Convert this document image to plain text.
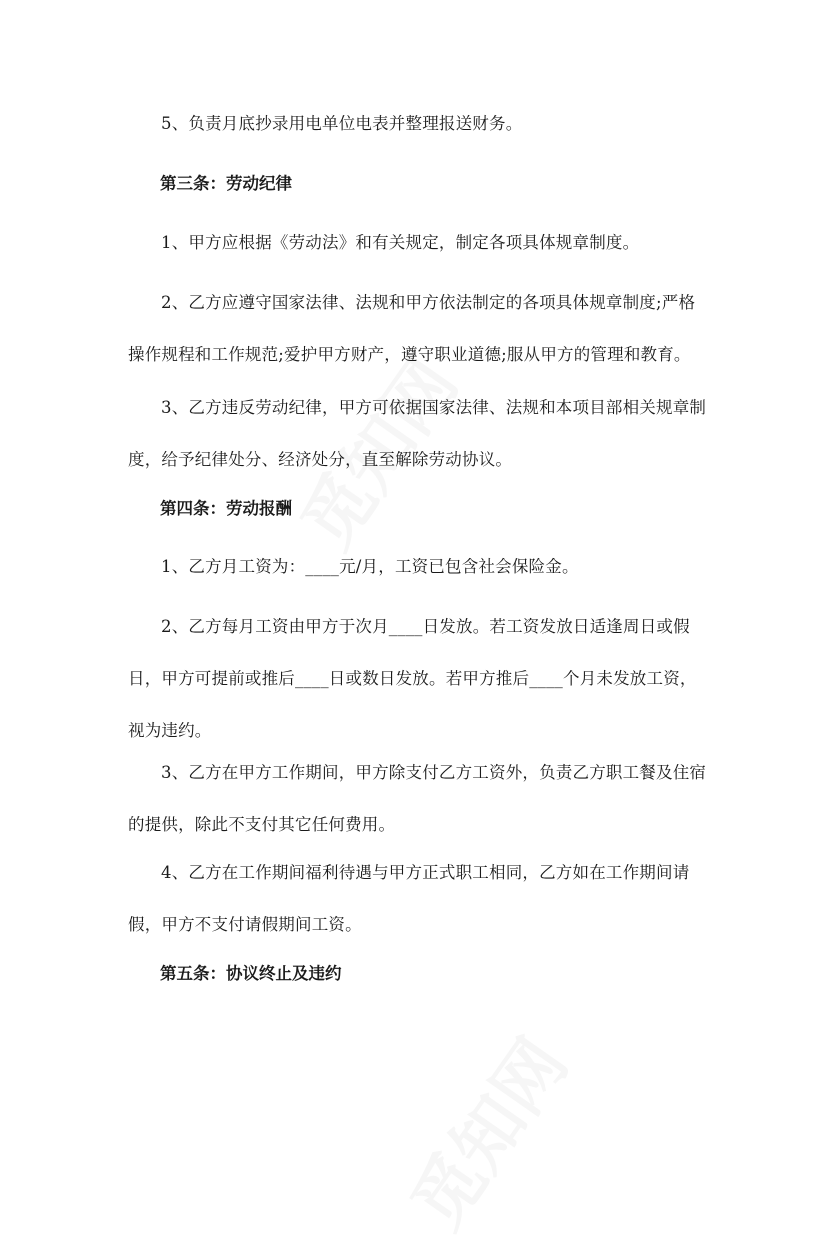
5、负责月底抄录用电单位电表并整理报送财务。

第三条：劳动纪律

1、甲方应根据《劳动法》和有关规定，制定各项具体规章制度。

2、乙方应遵守国家法律、法规和甲方依法制定的各项具体规章制度;严格操作规程和工作规范;爱护甲方财产，遵守职业道德;服从甲方的管理和教育。

3、乙方违反劳动纪律，甲方可依据国家法律、法规和本项目部相关规章制度，给予纪律处分、经济处分，直至解除劳动协议。

第四条：劳动报酬

1、乙方月工资为：____元/月，工资已包含社会保险金。

2、乙方每月工资由甲方于次月____日发放。若工资发放日适逢周日或假日，甲方可提前或推后____日或数日发放。若甲方推后____个月未发放工资，视为违约。

3、乙方在甲方工作期间，甲方除支付乙方工资外，负责乙方职工餐及住宿的提供，除此不支付其它任何费用。

4、乙方在工作期间福利待遇与甲方正式职工相同，乙方如在工作期间请假，甲方不支付请假期间工资。

第五条：协议终止及违约
